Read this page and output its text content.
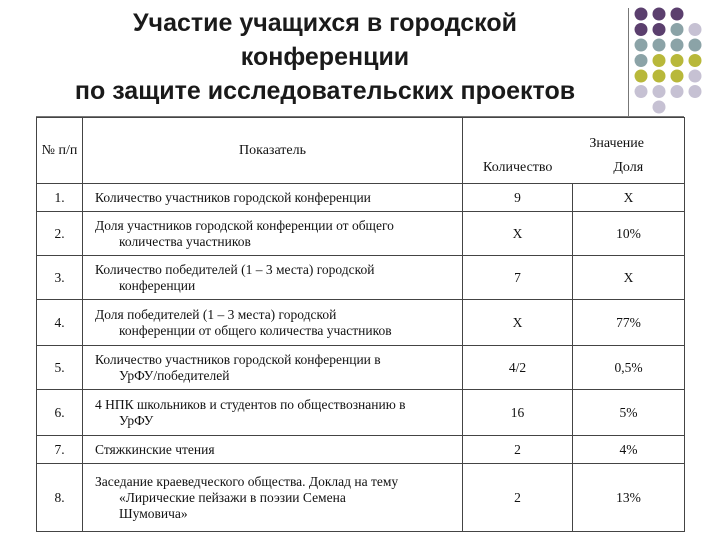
Участие учащихся в городской
конференции
по защите исследовательских проектов
№ п/п	Показатель	Значение	
		Количество	Доля
1.	Количество участников городской конференции	9	Х
2.	Доля участников городской конференции от общего
количества участников	Х	10%
3.	Количество победителей (1 – 3 места) городской
конференции	7	Х
4.	Доля победителей (1 – 3 места) городской
конференции от общего количества участников	Х	77%
5.	Количество участников городской конференции в
УрФУ/победителей	4/2	0,5%
6.	4 НПК школьников и студентов по обществознанию в
УрФУ	16	5%
7.	Стяжкинские чтения	2	4%
8.	Заседание краеведческого общества. Доклад на тему
«Лирические пейзажи в поэзии Семена
Шумовича»	2	13%
